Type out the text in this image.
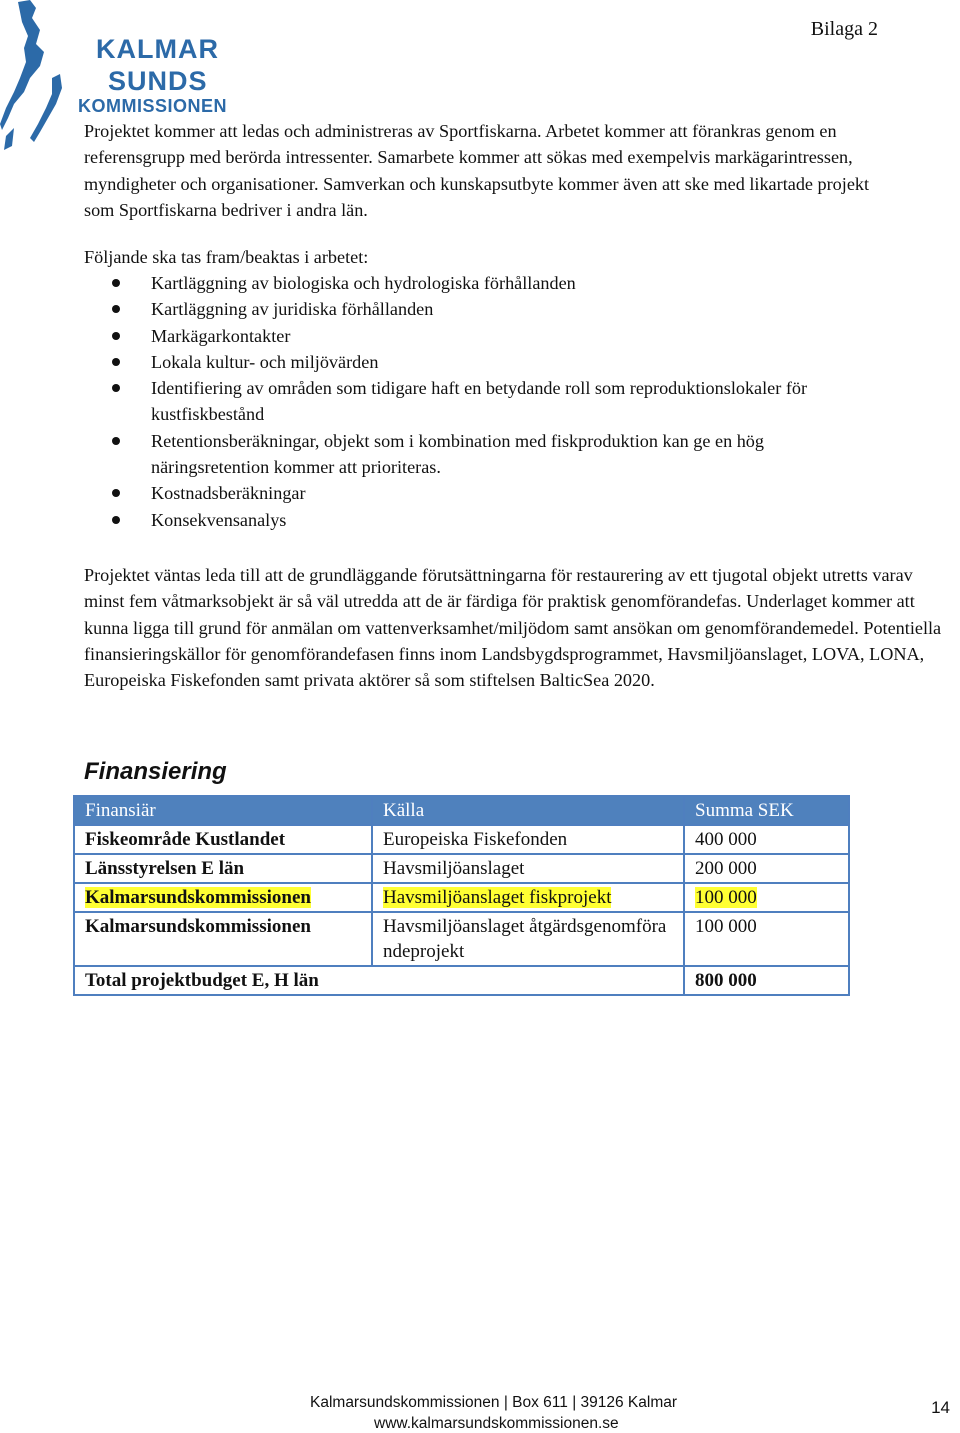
KALMAR
SUNDS
KOMMISSIONEN
Bilaga 2

Projektet kommer att ledas och administreras av Sportfiskarna. Arbetet kommer att förankras genom en referensgrupp med berörda intressenter. Samarbete kommer att sökas med exempelvis markägarintressen, myndigheter och organisationer. Samverkan och kunskapsutbyte kommer även att ske med likartade projekt som Sportfiskarna bedriver i andra län.

Följande ska tas fram/beaktas i arbetet:

Kartläggning av biologiska och hydrologiska förhållanden
Kartläggning av juridiska förhållanden
Markägarkontakter
Lokala kultur- och miljövärden
Identifiering av områden som tidigare haft en betydande roll som reproduktionslokaler för kustfiskbestånd
Retentionsberäkningar, objekt som i kombination med fiskproduktion kan ge en hög näringsretention kommer att prioriteras.
Kostnadsberäkningar
Konsekvensanalys

Projektet väntas leda till att de grundläggande förutsättningarna för restaurering av ett tjugotal objekt utretts varav minst fem våtmarksobjekt är så väl utredda att de är färdiga för praktisk genomförandefas. Underlaget kommer att kunna ligga till grund för anmälan om vattenverksamhet/miljödom samt ansökan om genomförandemedel. Potentiella finansieringskällor för genomförandefasen finns inom Landsbygdsprogrammet, Havsmiljöanslaget, LOVA, LONA, Europeiska Fiskefonden samt privata aktörer så som stiftelsen BalticSea 2020.

Finansiering
Finansiär	Källa	Summa SEK
Fiskeområde Kustlandet	Europeiska Fiskefonden	400 000
Länsstyrelsen E län	Havsmiljöanslaget	200 000
Kalmarsundskommissionen	Havsmiljöanslaget fiskprojekt	100 000
Kalmarsundskommissionen	Havsmiljöanslaget åtgärdsgenomförandeprojekt	100 000
Total projektbudget E, H län		800 000
Kalmarsundskommissionen | Box 611 | 39126 Kalmar
www.kalmarsundskommissionen.se
14
